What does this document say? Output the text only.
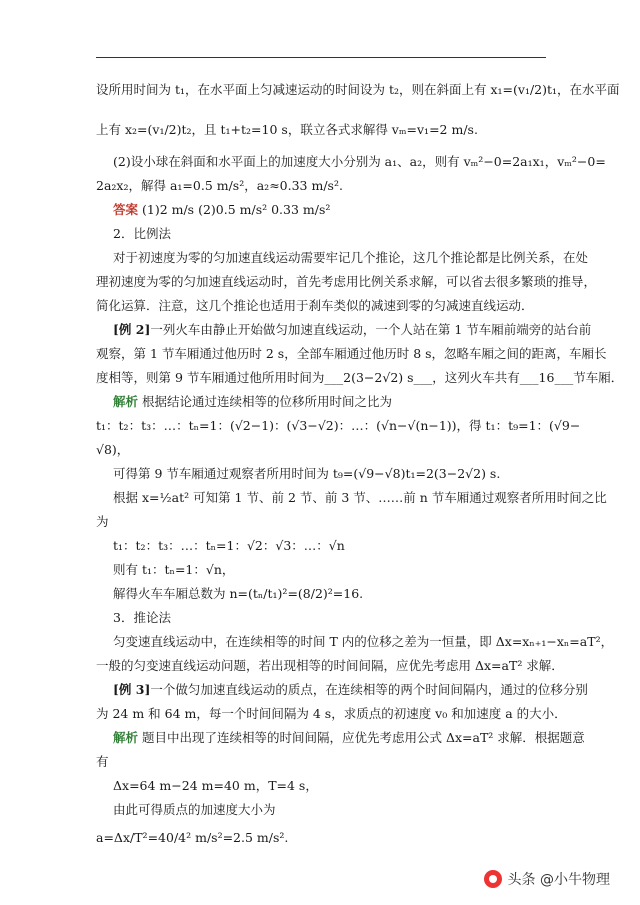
设所用时间为 t₁，在水平面上匀减速运动的时间设为 t₂，则在斜面上有 x₁=(v₁/2)t₁，在水平面
上有 x₂=(v₁/2)t₂，且 t₁+t₂=10 s，联立各式求解得 vₘ=v₁=2 m/s.
(2)设小球在斜面和水平面上的加速度大小分别为 a₁、a₂，则有 vₘ²−0=2a₁x₁，vₘ²−0=
2a₂x₂，解得 a₁=0.5 m/s²，a₂≈0.33 m/s².
答案 (1)2 m/s (2)0.5 m/s² 0.33 m/s²
2．比例法
对于初速度为零的匀加速直线运动需要牢记几个推论，这几个推论都是比例关系，在处
理初速度为零的匀加速直线运动时，首先考虑用比例关系求解，可以省去很多繁琐的推导，
简化运算．注意，这几个推论也适用于刹车类似的减速到零的匀减速直线运动．
[例 2]一列火车由静止开始做匀加速直线运动，一个人站在第 1 节车厢前端旁的站台前
观察，第 1 节车厢通过他历时 2 s，全部车厢通过他历时 8 s，忽略车厢之间的距离，车厢长
度相等，则第 9 节车厢通过他所用时间为___2(3−2√2) s___，这列火车共有___16___节车厢．
解析 根据结论通过连续相等的位移所用时间之比为
t₁：t₂：t₃：…：tₙ=1：(√2−1)：(√3−√2)：…：(√n−√(n−1))，得 t₁：t₉=1：(√9−
√8)，
可得第 9 节车厢通过观察者所用时间为 t₉=(√9−√8)t₁=2(3−2√2) s.
根据 x=½at² 可知第 1 节、前 2 节、前 3 节、……前 n 节车厢通过观察者所用时间之比
为
t₁：t₂：t₃：…：tₙ=1：√2：√3：…：√n
则有 t₁：tₙ=1：√n，
解得火车车厢总数为 n=(tₙ/t₁)²=(8/2)²=16.
3．推论法
匀变速直线运动中，在连续相等的时间 T 内的位移之差为一恒量，即 Δx=xₙ₊₁−xₙ=aT²，
一般的匀变速直线运动问题，若出现相等的时间间隔，应优先考虑用 Δx=aT² 求解．
[例 3]一个做匀加速直线运动的质点，在连续相等的两个时间间隔内，通过的位移分别
为 24 m 和 64 m，每一个时间间隔为 4 s，求质点的初速度 v₀ 和加速度 a 的大小．
解析 题目中出现了连续相等的时间间隔，应优先考虑用公式 Δx=aT² 求解．根据题意
有
Δx=64 m−24 m=40 m，T=4 s，
由此可得质点的加速度大小为
a=Δx/T²=40/4² m/s²=2.5 m/s².
头条 @小牛物理
